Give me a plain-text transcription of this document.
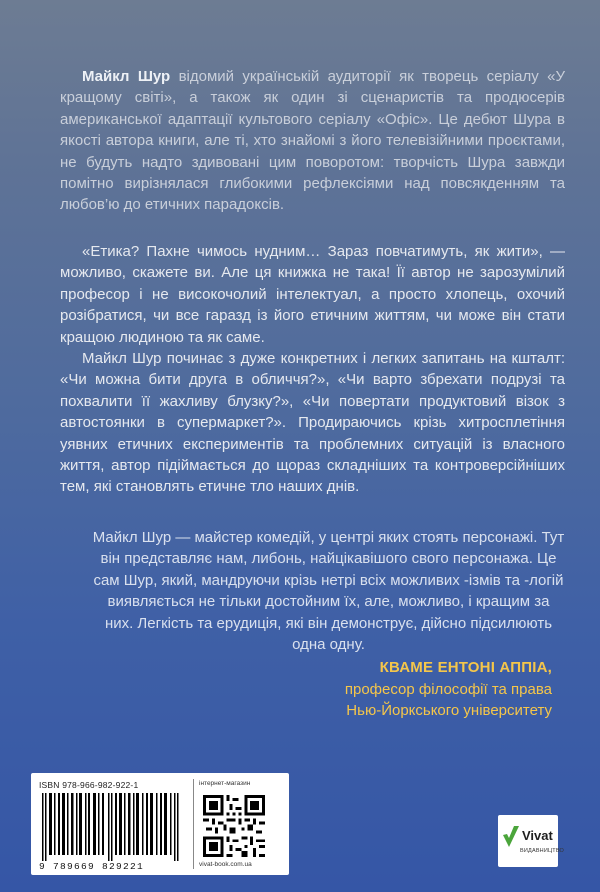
Майкл Шур відомий українській аудиторії як творець серіалу «У кращому світі», а також як один зі сценаристів та продюсерів американської адаптації культового серіалу «Офіс». Це дебют Шура в якості автора книги, але ті, хто знайомі з його телевізійними проєктами, не будуть надто здивовані цим поворотом: творчість Шура завжди помітно вирізнялася глибокими рефлексіями над повсякденням та любов’ю до етичних парадоксів.

«Етика? Пахне чимось нудним… Зараз повчатимуть, як жити», — можливо, скажете ви. Але ця книжка не така! Її автор не зарозумілий професор і не високочолий інтелектуал, а просто хлопець, охочий розібратися, чи все гаразд із його етичним життям, чи може він стати кращою людиною та як саме.
Майкл Шур починає з дуже конкретних і легких запитань на кшталт: «Чи можна бити друга в обличчя?», «Чи варто збрехати подрузі та похвалити її жахливу блузку?», «Чи повертати продуктовий візок з автостоянки в супермаркет?». Продираючись крізь хитросплетіння уявних етичних експериментів та проблемних ситуацій із власного життя, автор підіймається до щораз складніших та контроверсійніших тем, які становлять етичне тло наших днів.

Майкл Шур — майстер комедій, у центрі яких стоять персонажі. Тут він представляє нам, либонь, найцікавішого свого персонажа. Це сам Шур, який, мандруючи крізь нетрі всіх можливих -ізмів та -логій виявляється не тільки достойним їх, але, можливо, і кращим за них. Легкість та ерудиція, які він демонструє, дійсно підсилюють одна одну.

КВАМЕ ЕНТОНІ АППІА,
професор філософії та права
Нью-Йоркського університету
ISBN 978-966-982-922-1
9 789669 829221
інтернет-магазин
vivat-book.com.ua
Vivat
ВИДАВНИЦТВО
